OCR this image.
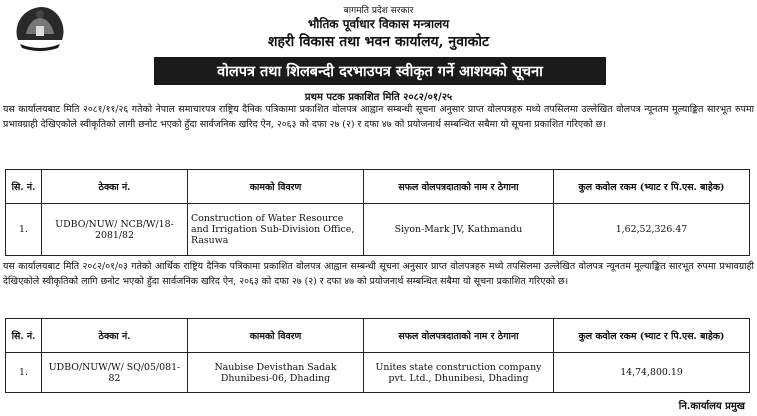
बागमति प्रदेश सरकार
भौतिक पूर्वाधार विकास मन्त्रालय
शहरी विकास तथा भवन कार्यालय, नुवाकोट
वोलपत्र तथा शिलबन्दी दरभाउपत्र स्वीकृत गर्ने आशयको सूचना
प्रथम पटक प्रकाशित मिति २०८२/०१/२५
यस कार्यालयबाट मिति २०८१/११/२६ गतेको नेपाल समाचारपत्र राष्ट्रिय दैनिक पत्रिकामा प्रकाशित वोलपत्र आह्वान सम्बन्धी सूचना अनुसार प्राप्त वोलपत्रहरु मध्ये तपसिलमा उल्लेखित वोलपत्र न्यूनतम मूल्याङ्कित सारभूत रुपमा प्रभावग्राही देखिएकोले स्वीकृतिको लागी छनोट भएको हुँदा सार्वजनिक खरिद ऐन, २०६३ को दफा २७ (२) र दफा ४७ को प्रयोजनार्थ सम्बन्धित सबैमा यो सूचना प्रकाशित गरिएको छ।
सि. नं.	ठेक्का नं.	कामको विवरण	सफल वोलपत्रदाताको नाम र ठेगाना	कुल कवोल रकम (भ्याट र पि.एस. बाहेक)
1.	UDBO/NUW/ NCB/W/18-2081/82	Construction of Water Resource and Irrigation Sub-Division Office, Rasuwa	Siyon-Mark JV, Kathmandu	1,62,52,326.47
यस कार्यालयबाट मिति २०८२/०१/०३ गतेको आर्थिक राष्ट्रिय दैनिक पत्रिकामा प्रकाशित वोलपत्र आह्वान सम्बन्धी सूचना अनुसार प्राप्त वोलपत्रहरु मध्ये तपसिलमा उल्लेखित वोलपत्र न्यूनतम मूल्याङ्कित सारभूत रुपमा प्रभावग्राही देखिएकोले स्वीकृतिको लागि छनोट भएको हुँदा सार्वजनिक खरिद ऐन, २०६३ को दफा २७ (२) र दफा ४७ को प्रयोजनार्थ सम्बन्धित सबैमा यो सूचना प्रकाशित गरिएको छ।
सि. नं.	ठेक्का नं.	कामको विवरण	सफल वोलपत्रदाताको नाम र ठेगाना	कुल कवोल रकम (भ्याट र पि.एस. बाहेक)
1.	UDBO/NUW/W/ SQ/05/081-82	Naubise Devisthan Sadak Dhunibesi-06, Dhading	Unites state construction company pvt. Ltd., Dhunibesi, Dhading	14,74,800.19
नि.कार्यालय प्रमुख
